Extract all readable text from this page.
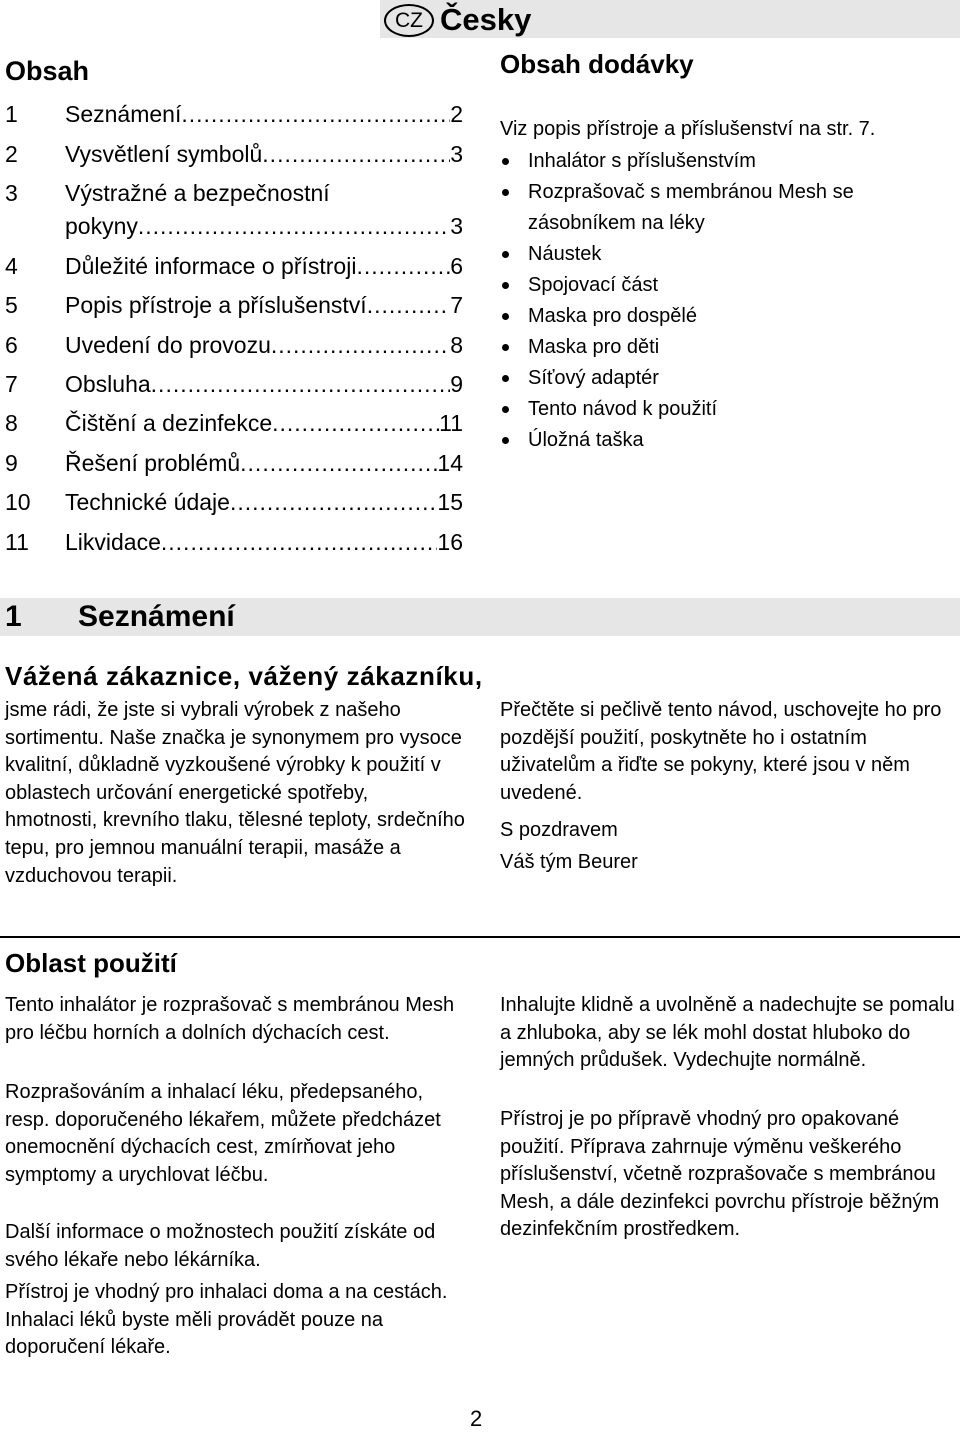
CZ Česky
Obsah
1 Seznámení .....	2
2 Vysvětlení symbolů .....	3
3 Výstražné a bezpečnostní
pokyny .....	3
4 Důležité informace o přístroji .....	6
5 Popis přístroje a příslušenství .....	7
6 Uvedení do provozu .....	8
7 Obsluha .....	9
8 Čištění a dezinfekce .....	11
9 Řešení problémů .....	14
10 Technické údaje .....	15
11 Likvidace .....	16
Obsah dodávky
Viz popis přístroje a příslušenství na str. 7.
Inhalátor s příslušenstvím
Rozprašovač s membránou Mesh se zásobníkem na léky
Náustek
Spojovací část
Maska pro dospělé
Maska pro děti
Síťový adaptér
Tento návod k použití
Úložná taška
1 Seznámení
Vážená zákaznice, vážený zákazníku,

jsme rádi, že jste si vybrali výrobek z našeho sortimentu. Naše značka je synonymem pro vysoce kvalitní, důkladně vyzkoušené výrobky k použití v oblastech určování energetické spotřeby, hmotnosti, krevního tlaku, tělesné teploty, srdečního tepu, pro jemnou manuální terapii, masáže a vzduchovou terapii.

Přečtěte si pečlivě tento návod, uschovejte ho pro pozdější použití, poskytněte ho i ostatním uživatelům a řiďte se pokyny, které jsou v něm uvedené.

S pozdravem
Váš tým Beurer
Oblast použití

Tento inhalátor je rozprašovač s membránou Mesh pro léčbu horních a dolních dýchacích cest.

Rozprašováním a inhalací léku, předepsaného, resp. doporučeného lékařem, můžete předcházet onemocnění dýchacích cest, zmírňovat jeho symptomy a urychlovat léčbu.

Další informace o možnostech použití získáte od svého lékaře nebo lékárníka.

Přístroj je vhodný pro inhalaci doma a na cestách. Inhalaci léků byste měli provádět pouze na doporučení lékaře.

Inhalujte klidně a uvolněně a nadechujte se pomalu a zhluboka, aby se lék mohl dostat hluboko do jemných průdušek. Vydechujte normálně.

Přístroj je po přípravě vhodný pro opakované použití. Příprava zahrnuje výměnu veškerého příslušenství, včetně rozprašovače s membránou Mesh, a dále dezinfekci povrchu přístroje běžným dezinfekčním prostředkem.

2
